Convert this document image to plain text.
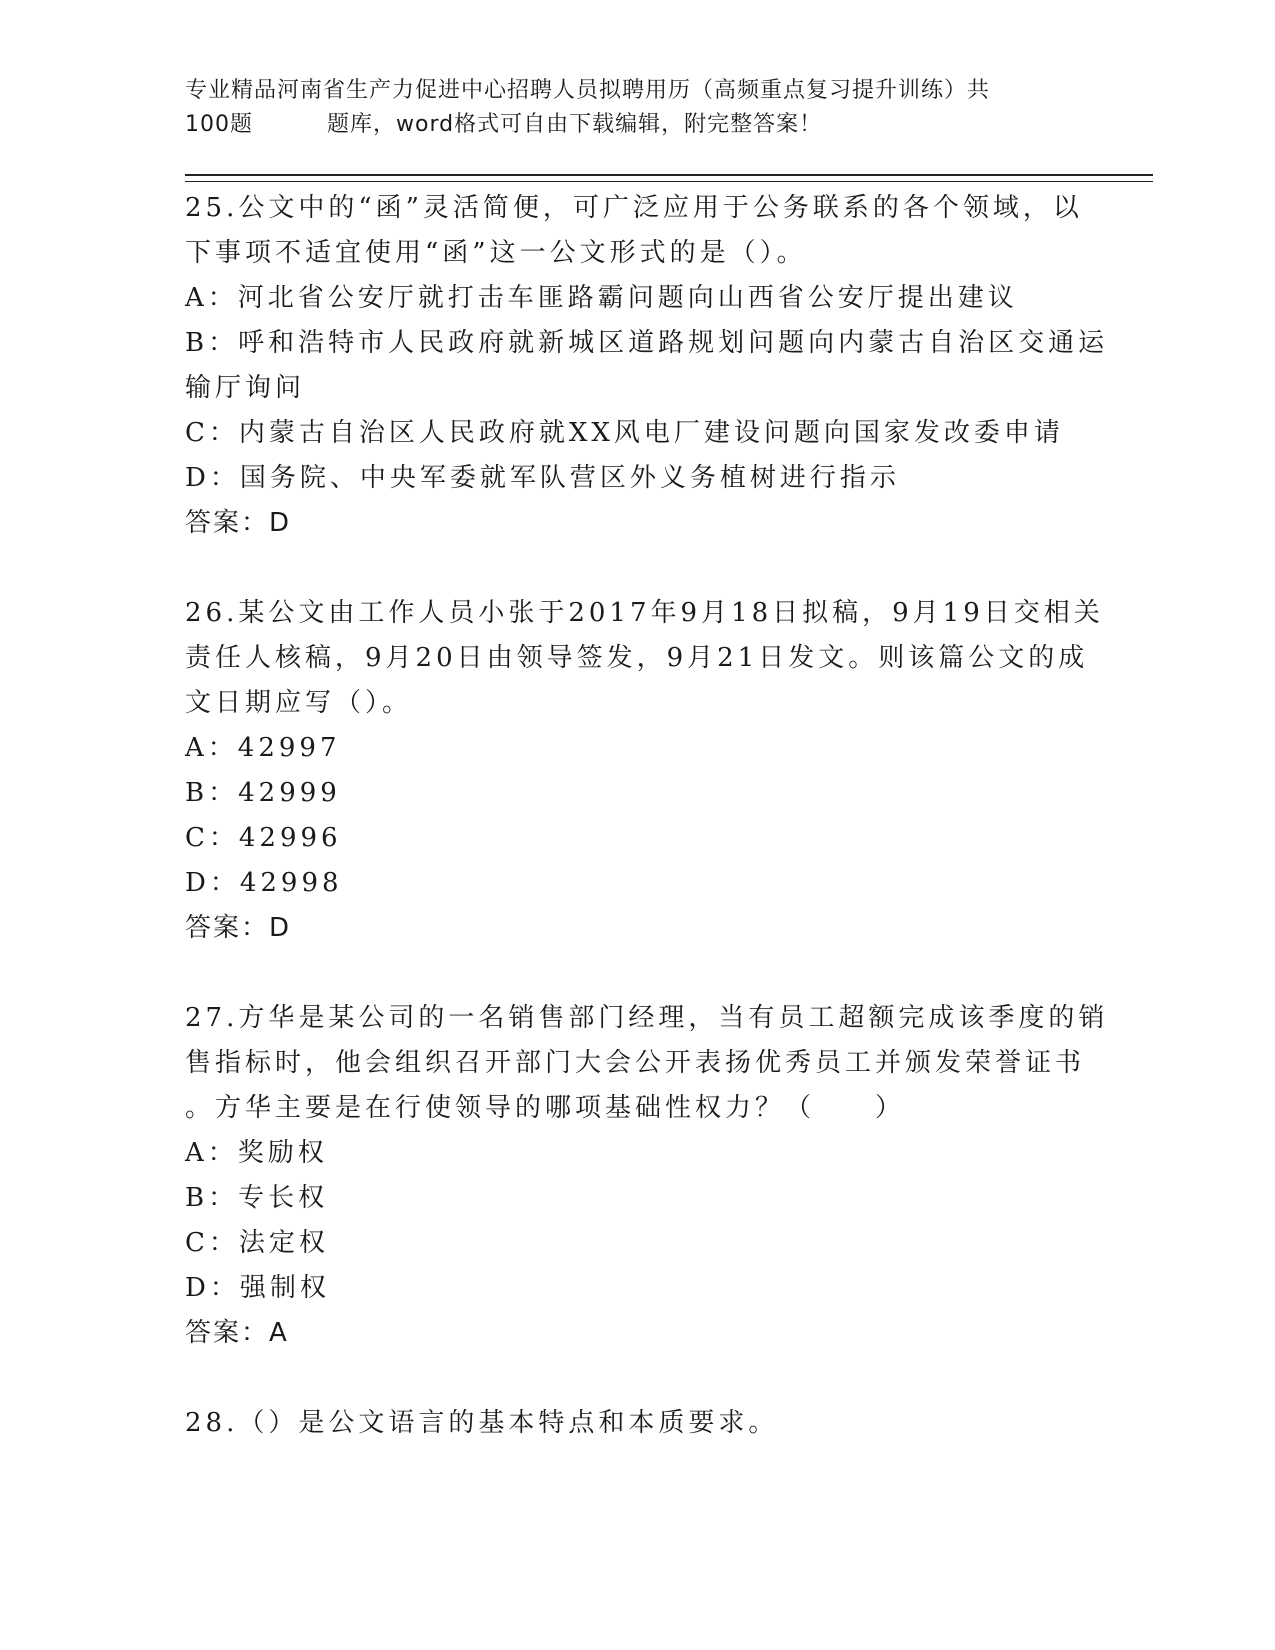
专业精品河南省生产力促进中心招聘人员拟聘用历（高频重点复习提升训练）共
100题	题库，word格式可自由下载编辑，附完整答案！
25.公文中的“函”灵活简便，可广泛应用于公务联系的各个领域，以
下事项不适宜使用“函”这一公文形式的是（）。
A：河北省公安厅就打击车匪路霸问题向山西省公安厅提出建议
B：呼和浩特市人民政府就新城区道路规划问题向内蒙古自治区交通运
输厅询问
C：内蒙古自治区人民政府就XX风电厂建设问题向国家发改委申请
D：国务院、中央军委就军队营区外义务植树进行指示
答案：D
26.某公文由工作人员小张于2017年9月18日拟稿，9月19日交相关
责任人核稿，9月20日由领导签发，9月21日发文。则该篇公文的成
文日期应写（）。
A：42997
B：42999
C：42996
D：42998
答案：D
27.方华是某公司的一名销售部门经理，当有员工超额完成该季度的销
售指标时，他会组织召开部门大会公开表扬优秀员工并颁发荣誉证书
。方华主要是在行使领导的哪项基础性权力？（　　）
A：奖励权
B：专长权
C：法定权
D：强制权
答案：A
28.（）是公文语言的基本特点和本质要求。
